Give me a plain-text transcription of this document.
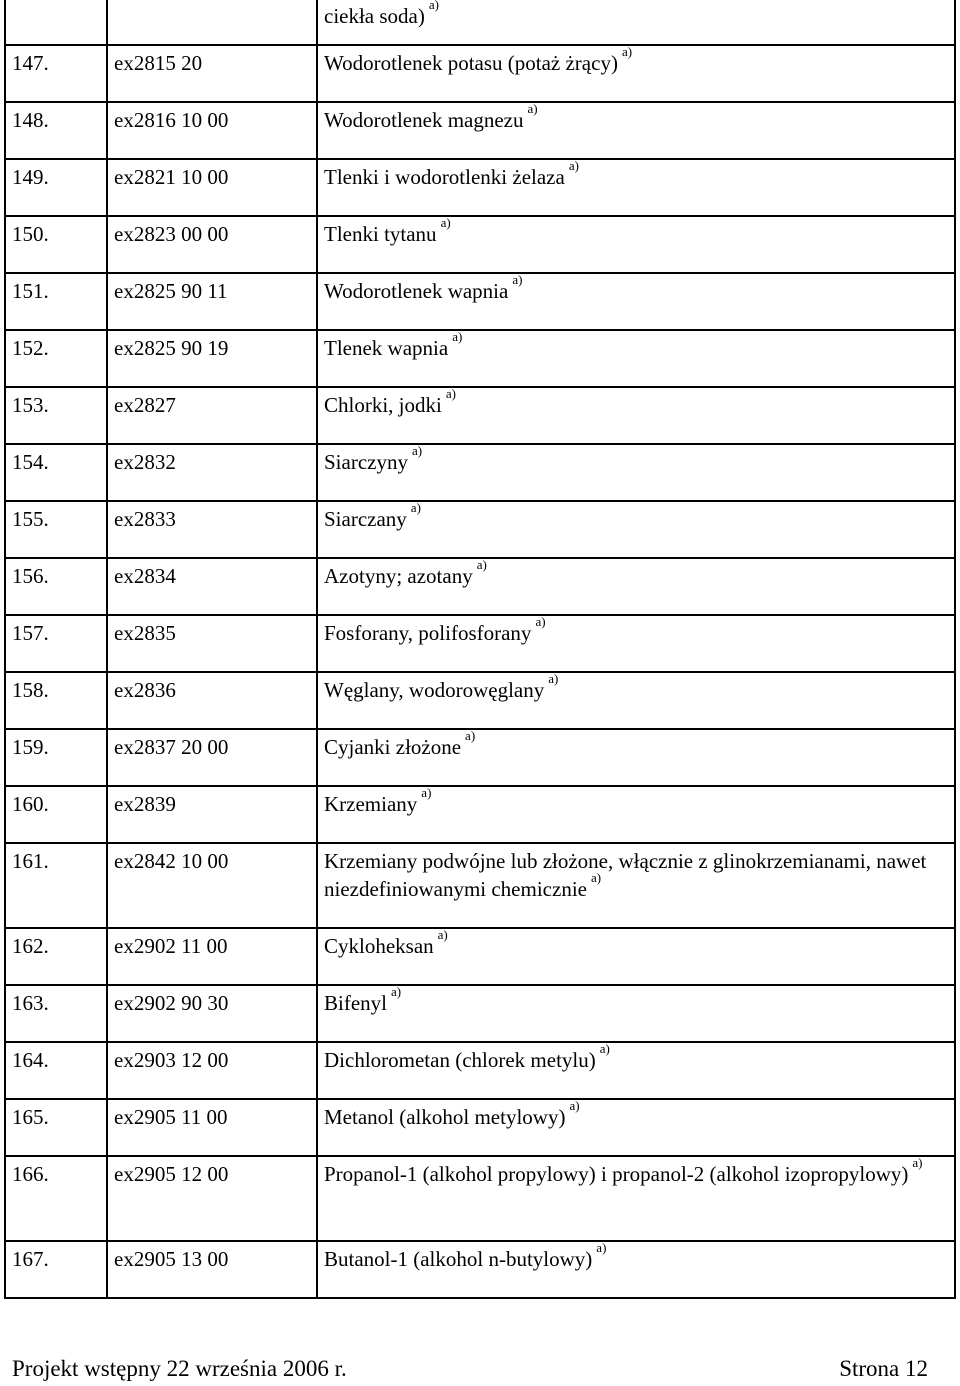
		ciekła soda) $^{a)}$
147.	ex2815 20	Wodorotlenek potasu (potaż żrący) $^{a)}$
148.	ex2816 10 00	Wodorotlenek magnezu $^{a)}$
149.	ex2821 10 00	Tlenki i wodorotlenki żelaza $^{a)}$
150.	ex2823 00 00	Tlenki tytanu $^{a)}$
151.	ex2825 90 11	Wodorotlenek wapnia $^{a)}$
152.	ex2825 90 19	Tlenek wapnia $^{a)}$
153.	ex2827	Chlorki, jodki $^{a)}$
154.	ex2832	Siarczyny $^{a)}$
155.	ex2833	Siarczany $^{a)}$
156.	ex2834	Azotyny; azotany $^{a)}$
157.	ex2835	Fosforany, polifosforany $^{a)}$
158.	ex2836	Węglany, wodorowęglany $^{a)}$
159.	ex2837 20 00	Cyjanki złożone $^{a)}$
160.	ex2839	Krzemiany $^{a)}$
161.	ex2842 10 00	Krzemiany podwójne lub złożone, włącznie z glinokrzemianami, nawet niezdefiniowanymi chemicznie $^{a)}$
162.	ex2902 11 00	Cykloheksan $^{a)}$
163.	ex2902 90 30	Bifenyl $^{a)}$
164.	ex2903 12 00	Dichlorometan (chlorek metylu) $^{a)}$
165.	ex2905 11 00	Metanol (alkohol metylowy) $^{a)}$
166.	ex2905 12 00	Propanol-1 (alkohol propylowy) i propanol-2 (alkohol izopropylowy) $^{a)}$
167.	ex2905 13 00	Butanol-1 (alkohol n-butylowy) $^{a)}$
Projekt wstępny 22 września 2006 r.	Strona 12
